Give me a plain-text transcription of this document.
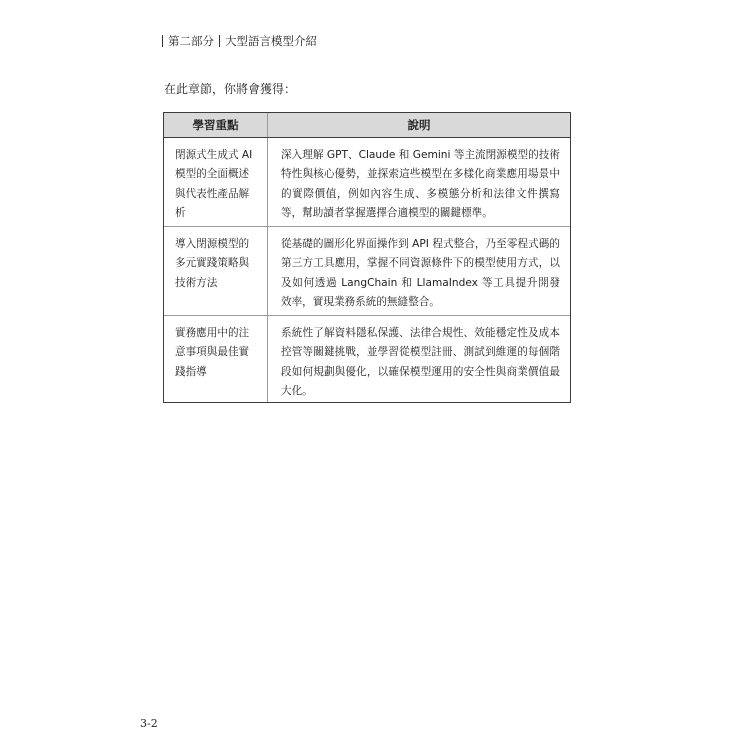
第二部分 大型語言模型介紹
在此章節，你將會獲得：
學習重點	說明
閉源式生成式 AI 模型的全面概述與代表性產品解析
深入理解 GPT、Claude 和 Gemini 等主流閉源模型的技術特性與核心優勢，並探索這些模型在多樣化商業應用場景中的實際價值，例如內容生成、多模態分析和法律文件撰寫等，幫助讀者掌握選擇合適模型的關鍵標準。
導入閉源模型的多元實踐策略與技術方法
從基礎的圖形化界面操作到 API 程式整合，乃至零程式碼的第三方工具應用，掌握不同資源條件下的模型使用方式，以及如何透過 LangChain 和 LlamaIndex 等工具提升開發效率，實現業務系統的無縫整合。
實務應用中的注意事項與最佳實踐指導
系統性了解資料隱私保護、法律合規性、效能穩定性及成本控管等關鍵挑戰，並學習從模型註冊、測試到維運的每個階段如何規劃與優化，以確保模型運用的安全性與商業價值最大化。
3-2
